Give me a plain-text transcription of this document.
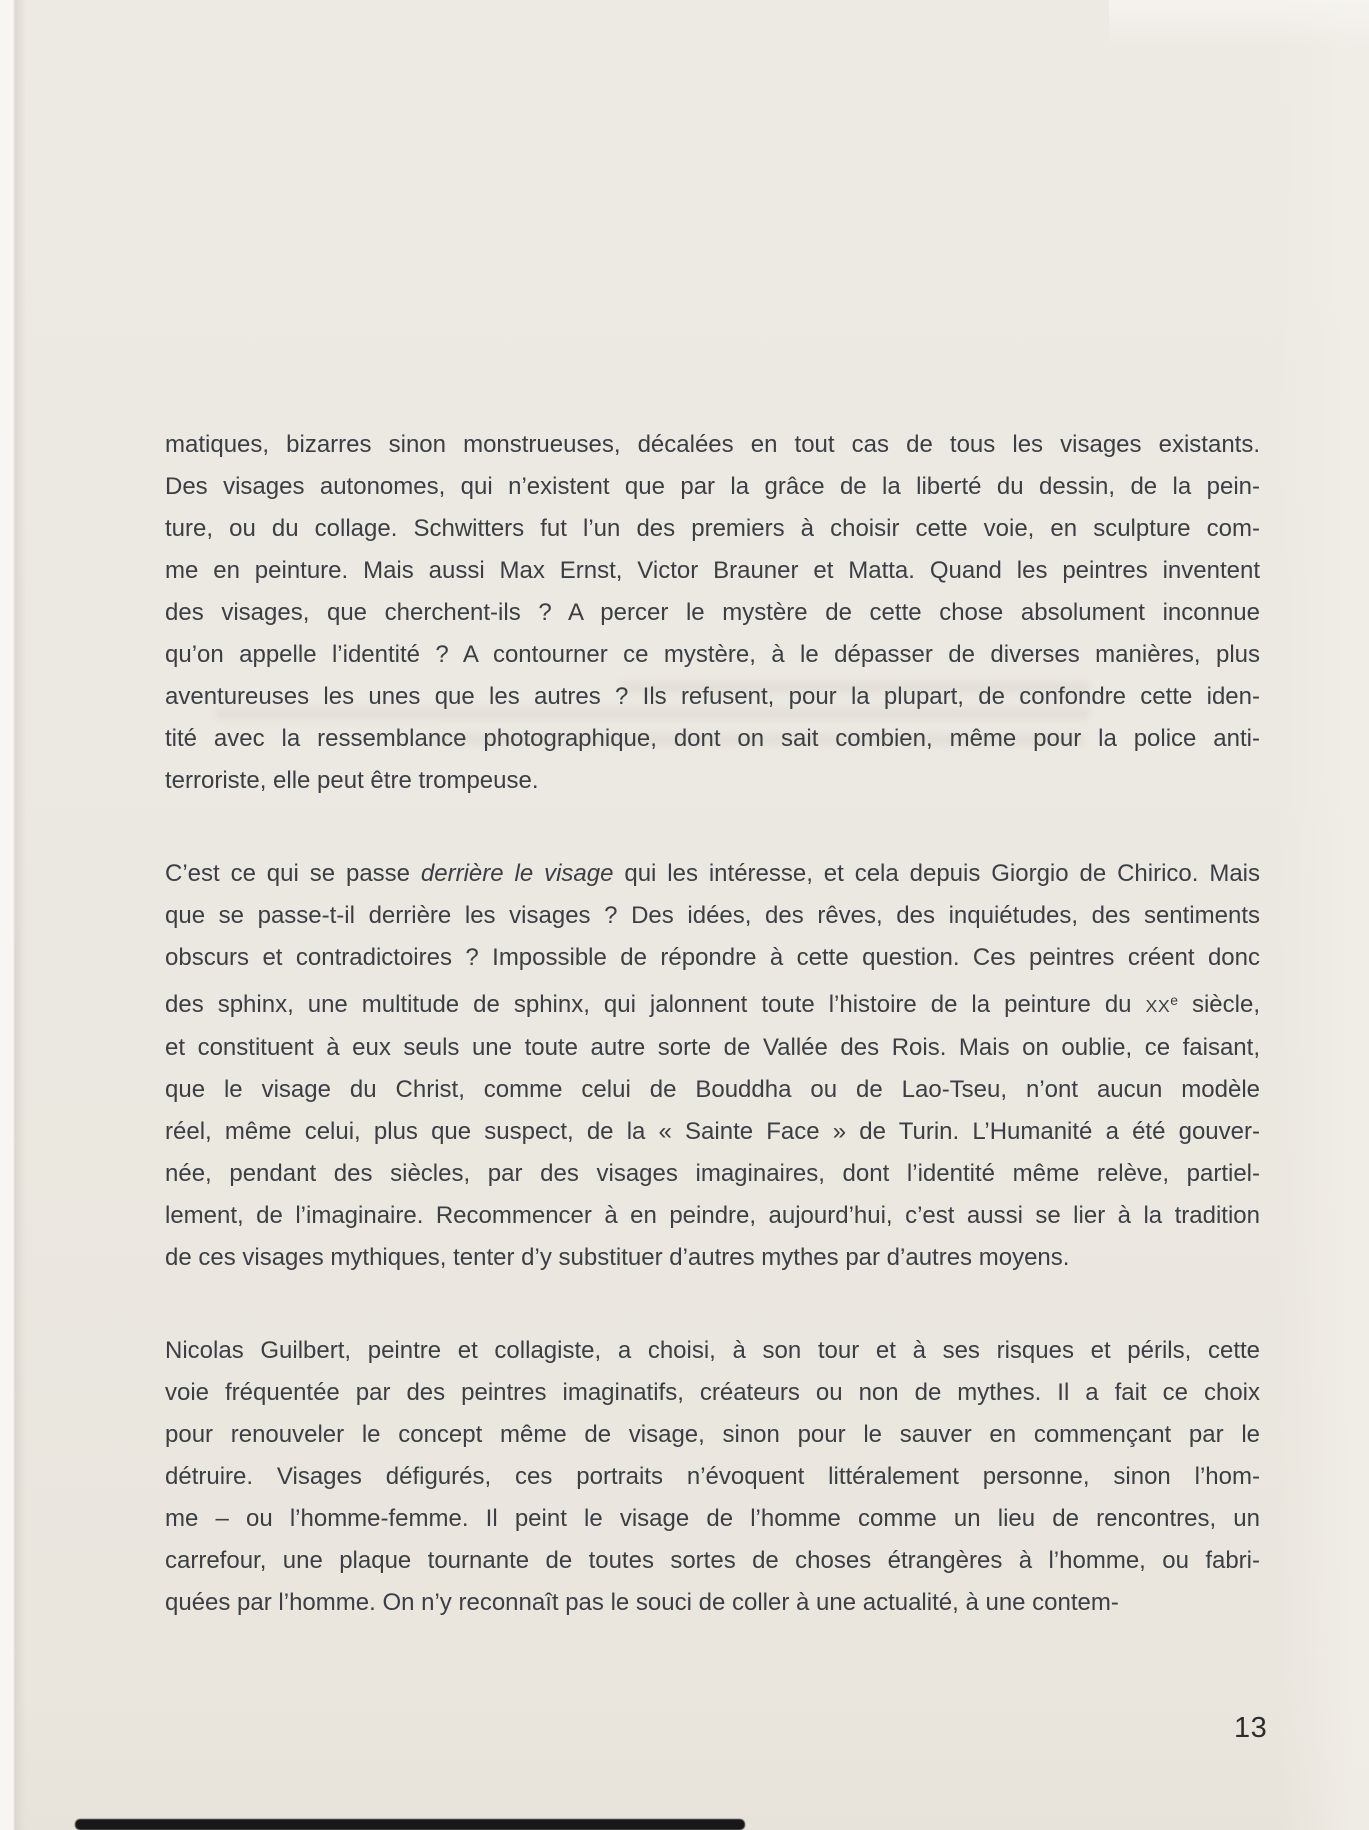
matiques, bizarres sinon monstrueuses, décalées en tout cas de tous les visages existants.
Des visages autonomes, qui n’existent que par la grâce de la liberté du dessin, de la pein-
ture, ou du collage. Schwitters fut l’un des premiers à choisir cette voie, en sculpture com-
me en peinture. Mais aussi Max Ernst, Victor Brauner et Matta. Quand les peintres inventent
des visages, que cherchent-ils ? A percer le mystère de cette chose absolument inconnue
qu’on appelle l’identité ? A contourner ce mystère, à le dépasser de diverses manières, plus
aventureuses les unes que les autres ? Ils refusent, pour la plupart, de confondre cette iden-
tité avec la ressemblance photographique, dont on sait combien, même pour la police anti-
terroriste, elle peut être trompeuse.
C’est ce qui se passe derrière le visage qui les intéresse, et cela depuis Giorgio de Chirico. Mais
que se passe-t-il derrière les visages ? Des idées, des rêves, des inquiétudes, des sentiments
obscurs et contradictoires ? Impossible de répondre à cette question. Ces peintres créent donc
des sphinx, une multitude de sphinx, qui jalonnent toute l’histoire de la peinture du XXe siècle,
et constituent à eux seuls une toute autre sorte de Vallée des Rois. Mais on oublie, ce faisant,
que le visage du Christ, comme celui de Bouddha ou de Lao-Tseu, n’ont aucun modèle
réel, même celui, plus que suspect, de la « Sainte Face » de Turin. L’Humanité a été gouver-
née, pendant des siècles, par des visages imaginaires, dont l’identité même relève, partiel-
lement, de l’imaginaire. Recommencer à en peindre, aujourd’hui, c’est aussi se lier à la tradition
de ces visages mythiques, tenter d’y substituer d’autres mythes par d’autres moyens.
Nicolas Guilbert, peintre et collagiste, a choisi, à son tour et à ses risques et périls, cette
voie fréquentée par des peintres imaginatifs, créateurs ou non de mythes. Il a fait ce choix
pour renouveler le concept même de visage, sinon pour le sauver en commençant par le
détruire. Visages défigurés, ces portraits n’évoquent littéralement personne, sinon l’hom-
me – ou l’homme-femme. Il peint le visage de l’homme comme un lieu de rencontres, un
carrefour, une plaque tournante de toutes sortes de choses étrangères à l’homme, ou fabri-
quées par l’homme. On n’y reconnaît pas le souci de coller à une actualité, à une contem-
13
